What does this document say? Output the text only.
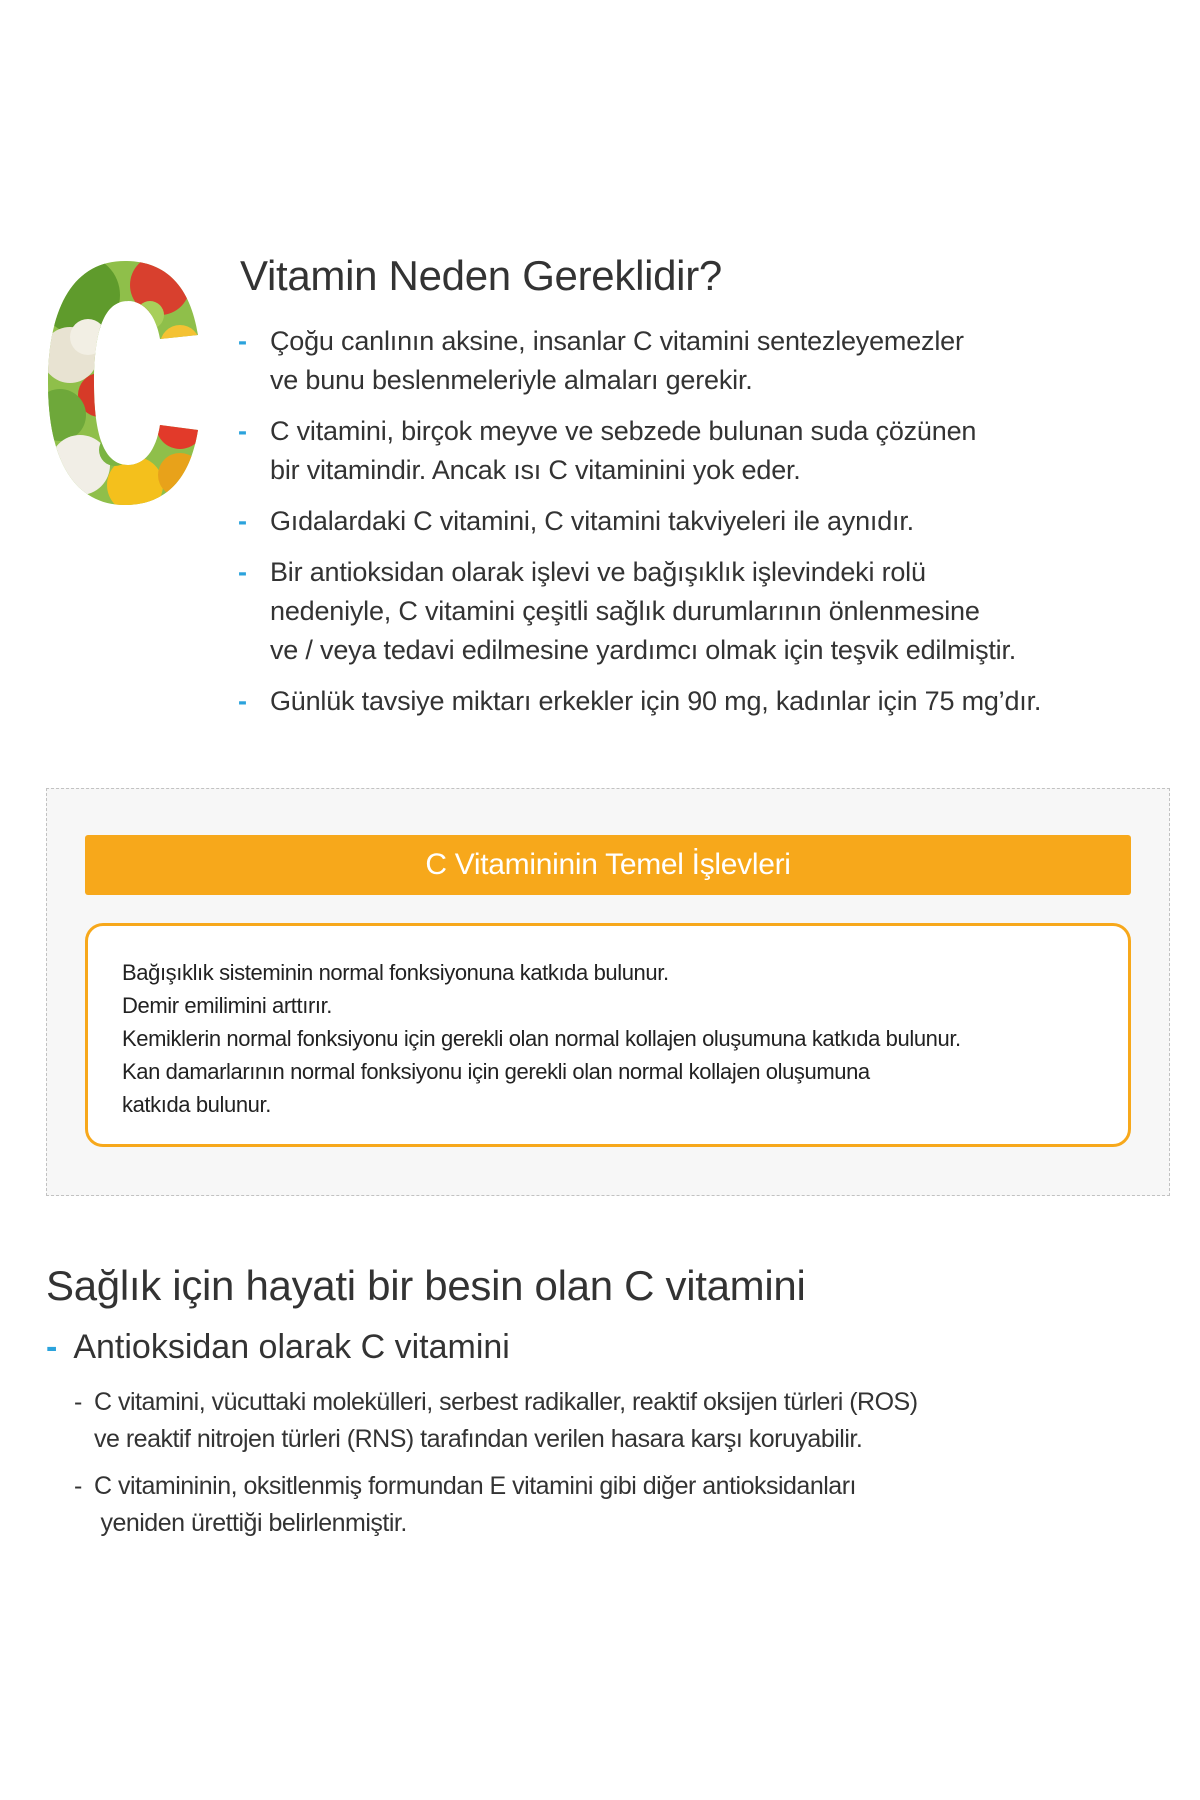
Vitamin Neden Gereklidir?
- Çoğu canlının aksine, insanlar C vitamini sentezleyemezler
ve bunu beslenmeleriyle almaları gerekir.
- C vitamini, birçok meyve ve sebzede bulunan suda çözünen
bir vitamindir. Ancak ısı C vitaminini yok eder.
- Gıdalardaki C vitamini, C vitamini takviyeleri ile aynıdır.
- Bir antioksidan olarak işlevi ve bağışıklık işlevindeki rolü
nedeniyle, C vitamini çeşitli sağlık durumlarının önlenmesine
ve / veya tedavi edilmesine yardımcı olmak için teşvik edilmiştir.
- Günlük tavsiye miktarı erkekler için 90 mg, kadınlar için 75 mg’dır.
C Vitamininin Temel İşlevleri
Bağışıklık sisteminin normal fonksiyonuna katkıda bulunur.
Demir emilimini arttırır.
Kemiklerin normal fonksiyonu için gerekli olan normal kollajen oluşumuna katkıda bulunur.
Kan damarlarının normal fonksiyonu için gerekli olan normal kollajen oluşumuna
katkıda bulunur.
Sağlık için hayati bir besin olan C vitamini
- Antioksidan olarak C vitamini
- C vitamini, vücuttaki molekülleri, serbest radikaller, reaktif oksijen türleri (ROS)
ve reaktif nitrojen türleri (RNS) tarafından verilen hasara karşı koruyabilir.
- C vitamininin, oksitlenmiş formundan E vitamini gibi diğer antioksidanları
yeniden ürettiği belirlenmiştir.
